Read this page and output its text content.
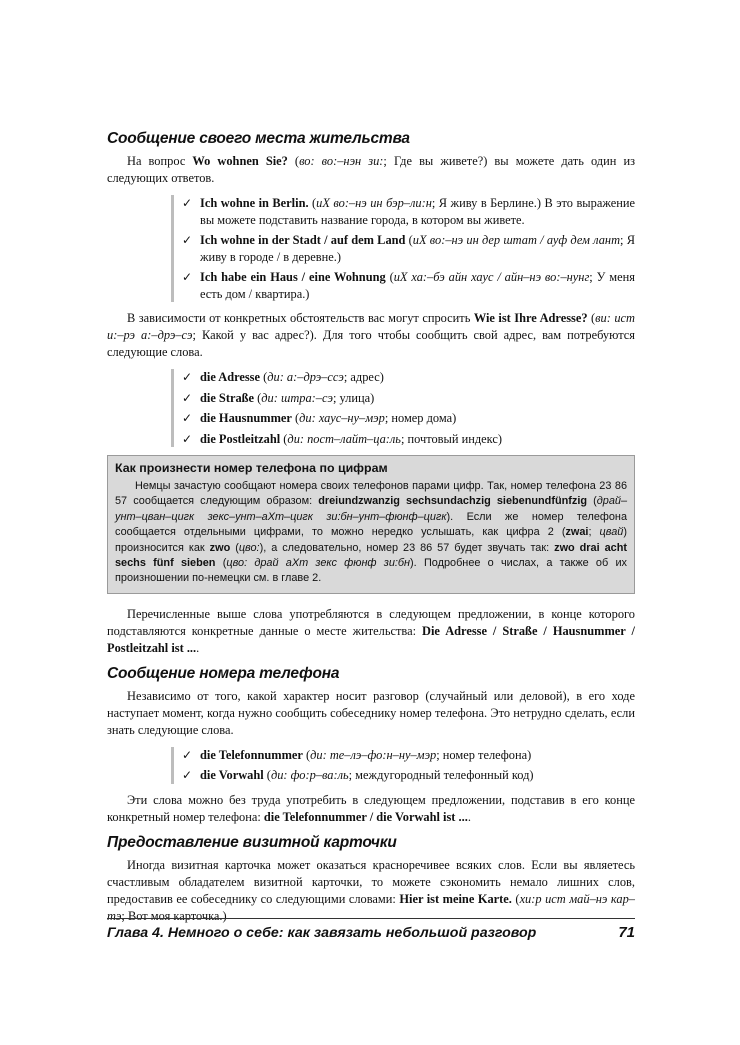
Сообщение своего места жительства

На вопрос Wo wohnen Sie? (во: во:–нэн зи:; Где вы живете?) вы можете дать один из следующих ответов.

✓ Ich wohne in Berlin. (иХ во:–нэ ин бэр–ли:н; Я живу в Берлине.) В это выражение вы можете подставить название города, в котором вы живете.
✓ Ich wohne in der Stadt / auf dem Land (иХ во:–нэ ин дер штат / ауф дем лант; Я живу в городе / в деревне.)
✓ Ich habe ein Haus / eine Wohnung (иХ ха:–бэ айн хаус / айн–нэ во:–нунг; У меня есть дом / квартира.)

В зависимости от конкретных обстоятельств вас могут спросить Wie ist Ihre Adresse? (ви: ист и:–рэ а:–дрэ–сэ; Какой у вас адрес?). Для того чтобы сообщить свой адрес, вам потребуются следующие слова.

✓ die Adresse (ди: а:–дрэ–ссэ; адрес)
✓ die Straße (ди: штра:–сэ; улица)
✓ die Hausnummer (ди: хаус–ну–мэр; номер дома)
✓ die Postleitzahl (ди: пост–лайт–ца:ль; почтовый индекс)
Как произнести номер телефона по цифрам

Немцы зачастую сообщают номера своих телефонов парами цифр. Так, номер телефона 23 86 57 сообщается следующим образом: dreiundzwanzig sechsundachzig siebenundfünfzig (драй–унт–цван–цигк зекс–унт–аХт–цигк зи:бн–унт–фюнф–цигк). Если же номер телефона сообщается отдельными цифрами, то можно нередко услышать, как цифра 2 (zwai; цвай) произносится как zwo (цво:), а следовательно, номер 23 86 57 будет звучать так: zwo drai acht sechs fünf sieben (цво: драй аХт зекс фюнф зи:бн). Подробнее о числах, а также об их произношении по-немецки см. в главе 2.

Перечисленные выше слова употребляются в следующем предложении, в конце которого подставляются конкретные данные о месте жительства: Die Adresse / Straße / Hausnummer / Postleitzahl ist ....

Сообщение номера телефона

Независимо от того, какой характер носит разговор (случайный или деловой), в его ходе наступает момент, когда нужно сообщить собеседнику номер телефона. Это нетрудно сделать, если знать следующие слова.

✓ die Telefonnummer (ди: те–лэ–фо:н–ну–мэр; номер телефона)
✓ die Vorwahl (ди: фо:р–ва:ль; междугородный телефонный код)

Эти слова можно без труда употребить в следующем предложении, подставив в его конце конкретный номер телефона: die Telefonnummer / die Vorwahl ist ....

Предоставление визитной карточки

Иногда визитная карточка может оказаться красноречивее всяких слов. Если вы являетесь счастливым обладателем визитной карточки, то можете сэкономить немало лишних слов, предоставив ее собеседнику со следующими словами: Hier ist meine Karte. (хи:р ист май–нэ кар–тэ; Вот моя карточка.)

Глава 4. Немного о себе: как завязать небольшой разговор	71
